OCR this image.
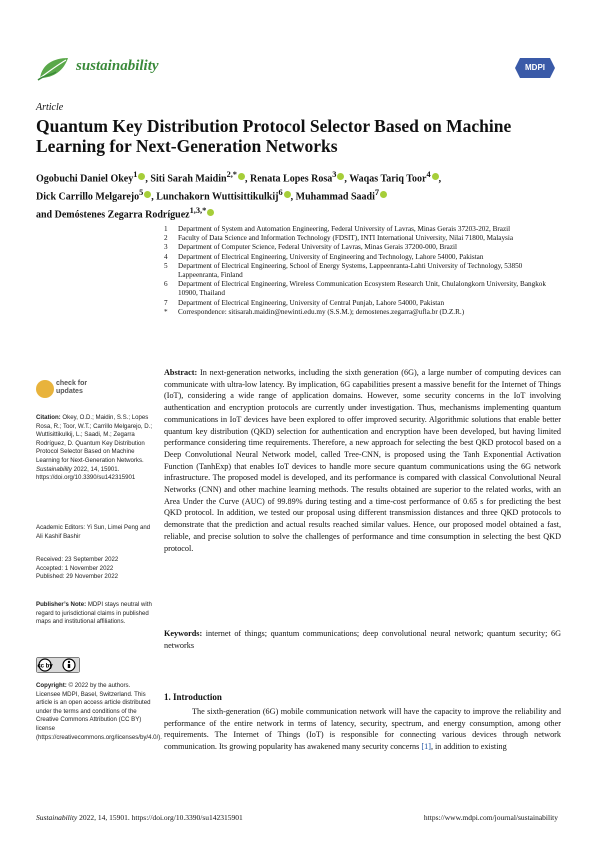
sustainability	MDPI
Article
Quantum Key Distribution Protocol Selector Based on Machine Learning for Next-Generation Networks
Ogobuchi Daniel Okey$^1$ , Siti Sarah Maidin$^{2,*}$ , Renata Lopes Rosa$^3$ , Waqas Tariq Toor$^4$ ,
Dick Carrillo Melgarejo$^5$ , Lunchakorn Wuttisittikulkij$^6$ , Muhammad Saadi$^7$
and Demóstenes Zegarra Rodríguez$^{1,3,*}$
1	Department of System and Automation Engineering, Federal University of Lavras, Minas Gerais 37203-202, Brazil
2	Faculty of Data Science and Information Technology (FDSIT), INTI International University, Nilai 71800, Malaysia
3	Department of Computer Science, Federal University of Lavras, Minas Gerais 37200-000, Brazil
4	Department of Electrical Engineering, University of Engineering and Technology, Lahore 54000, Pakistan
5	Department of Electrical Engineering, School of Energy Systems, Lappeenranta-Lahti University of Technology, 53850 Lappeenranta, Finland
6	Department of Electrical Engineering, Wireless Communication Ecosystem Research Unit, Chulalongkorn University, Bangkok 10900, Thailand
7	Department of Electrical Engineering, University of Central Punjab, Lahore 54000, Pakistan
*	Correspondence: sitisarah.maidin@newinti.edu.my (S.S.M.); demostenes.zegarra@ufla.br (D.Z.R.)
check for updates
Citation: Okey, O.D.; Maidin, S.S.; Lopes Rosa, R.; Toor, W.T.; Carrillo Melgarejo, D.; Wuttisittikulkij, L.; Saadi, M.; Zegarra Rodríguez, D. Quantum Key Distribution Protocol Selector Based on Machine Learning for Next-Generation Networks. Sustainability 2022, 14, 15901. https://doi.org/10.3390/su142315901
Academic Editors: Yi Sun, Limei Peng and Ali Kashif Bashir
Received: 23 September 2022
Accepted: 1 November 2022
Published: 29 November 2022
Publisher’s Note: MDPI stays neutral with regard to jurisdictional claims in published maps and institutional affiliations.
cc by
Copyright: © 2022 by the authors. Licensee MDPI, Basel, Switzerland. This article is an open access article distributed under the terms and conditions of the Creative Commons Attribution (CC BY) license (https://creativecommons.org/licenses/by/4.0/).
Abstract: In next-generation networks, including the sixth generation (6G), a large number of computing devices can communicate with ultra-low latency. By implication, 6G capabilities present a massive benefit for the Internet of Things (IoT), considering a wide range of application domains. However, some security concerns in the IoT involving authentication and encryption protocols are currently under investigation. Thus, mechanisms implementing quantum communications in IoT devices have been explored to offer improved security. Algorithmic solutions that enable better quantum key distribution (QKD) selection for authentication and encryption have been developed, but having limited performance considering time requirements. Therefore, a new approach for selecting the best QKD protocol based on a Deep Convolutional Neural Network model, called Tree-CNN, is proposed using the Tanh Exponential Activation Function (TanhExp) that enables IoT devices to handle more secure quantum communications using the 6G network infrastructure. The proposed model is developed, and its performance is compared with classical Convolutional Neural Networks (CNN) and other machine learning methods. The results obtained are superior to the related works, with an Area Under the Curve (AUC) of 99.89% during testing and a time-cost performance of 0.65 s for predicting the best QKD protocol. In addition, we tested our proposal using different transmission distances and three QKD protocols to demonstrate that the prediction and actual results reached similar values. Hence, our proposed model obtained a fast, reliable, and precise solution to solve the challenges of performance and time consumption in selecting the best QKD protocol.
Keywords: internet of things; quantum communications; deep convolutional neural network; quantum security; 6G networks
1. Introduction
The sixth-generation (6G) mobile communication network will have the capacity to improve the reliability and performance of the entire network in terms of latency, security, spectrum, and energy consumption, among other requirements. The Internet of Things (IoT) is responsible for connecting various devices through network communication. Its growing popularity has awakened many security concerns [1], in addition to existing
Sustainability 2022, 14, 15901. https://doi.org/10.3390/su142315901	https://www.mdpi.com/journal/sustainability
